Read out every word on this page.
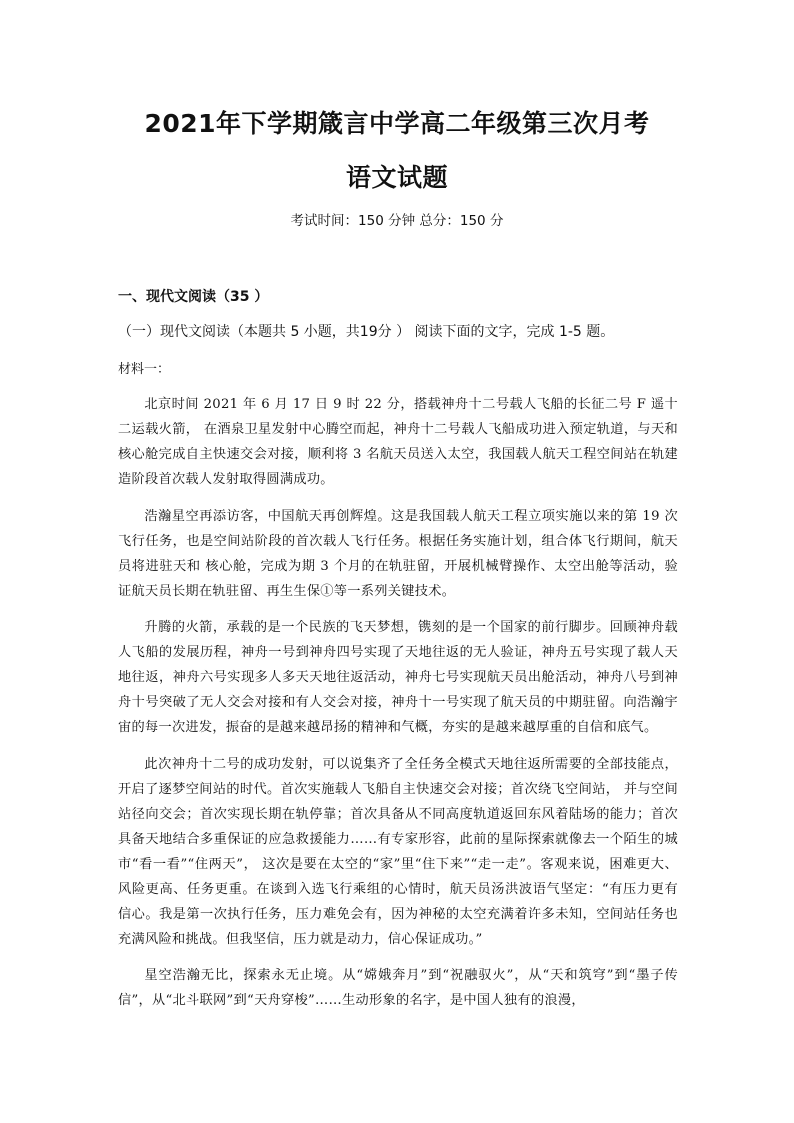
2021年下学期箴言中学高二年级第三次月考
语文试题
考试时间：150 分钟 总分：150 分
一、现代文阅读（35 ）
（一）现代文阅读（本题共 5 小题，共19分 ） 阅读下面的文字，完成 1-5 题。
材料一：

北京时间 2021 年 6 月 17 日 9 时 22 分，搭载神舟十二号载人飞船的长征二号 F 遥十二运载火箭， 在酒泉卫星发射中心腾空而起，神舟十二号载人飞船成功进入预定轨道，与天和核心舱完成自主快速交会对接，顺利将 3 名航天员送入太空，我国载人航天工程空间站在轨建造阶段首次载人发射取得圆满成功。

浩瀚星空再添访客，中国航天再创辉煌。这是我国载人航天工程立项实施以来的第 19 次飞行任务，也是空间站阶段的首次载人飞行任务。根据任务实施计划，组合体飞行期间，航天员将进驻天和 核心舱，完成为期 3 个月的在轨驻留，开展机械臂操作、太空出舱等活动，验证航天员长期在轨驻留、再生生保①等一系列关键技术。

升腾的火箭，承载的是一个民族的飞天梦想，镌刻的是一个国家的前行脚步。回顾神舟载人飞船的发展历程，神舟一号到神舟四号实现了天地往返的无人验证，神舟五号实现了载人天地往返，神舟六号实现多人多天天地往返活动，神舟七号实现航天员出舱活动，神舟八号到神舟十号突破了无人交会对接和有人交会对接，神舟十一号实现了航天员的中期驻留。向浩瀚宇宙的每一次进发，振奋的是越来越昂扬的精神和气概，夯实的是越来越厚重的自信和底气。

此次神舟十二号的成功发射，可以说集齐了全任务全模式天地往返所需要的全部技能点，开启了逐梦空间站的时代。首次实施载人飞船自主快速交会对接；首次绕飞空间站， 并与空间站径向交会；首次实现长期在轨停靠；首次具备从不同高度轨道返回东风着陆场的能力；首次具备天地结合多重保证的应急救援能力……有专家形容，此前的星际探索就像去一个陌生的城市“看一看”“住两天”， 这次是要在太空的“家”里“住下来”“走一走”。客观来说，困难更大、风险更高、任务更重。在谈到入选飞行乘组的心情时，航天员汤洪波语气坚定：“有压力更有信心。我是第一次执行任务，压力难免会有，因为神秘的太空充满着许多未知，空间站任务也充满风险和挑战。但我坚信，压力就是动力，信心保证成功。”

星空浩瀚无比，探索永无止境。从“嫦娥奔月”到“祝融驭火”，从“天和筑穹”到“墨子传信”，从“北斗联网”到“天舟穿梭”……生动形象的名字，是中国人独有的浪漫，
